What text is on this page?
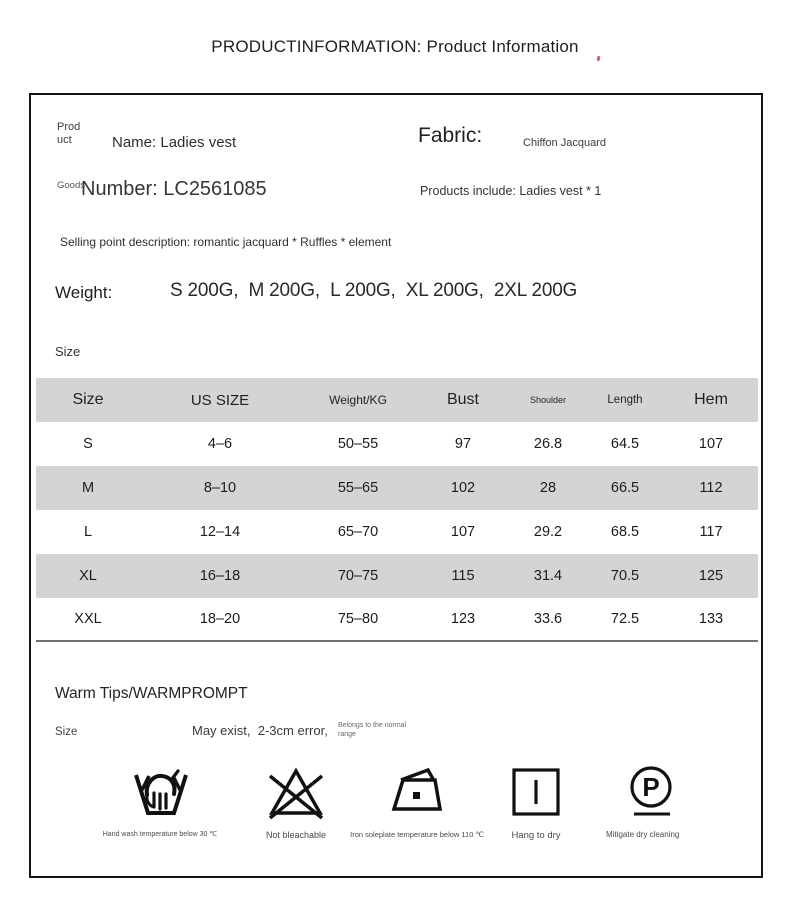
PRODUCTINFORMATION: Product Information
Product	Name: Ladies vest	Fabric:	Chiffon Jacquard
Goods
Number: LC2561085	Products include: Ladies vest * 1
Selling point description: romantic jacquard * Ruffles * element
Weight:	S 200G,  M 200G,  L 200G,  XL 200G,  2XL 200G
Size
Size	US SIZE	Weight/KG	Bust	Shoulder	Length	Hem
S	4–6	50–55	97	26.8	64.5	107
M	8–10	55–65	102	28	66.5	112
L	12–14	65–70	107	29.2	68.5	117
XL	16–18	70–75	115	31.4	70.5	125
XXL	18–20	75–80	123	33.6	72.5	133
Warm Tips/WARMPROMPT
Size	May exist,  2-3cm error, Belongs to the normal range
Hand wash temperature below 30 ℃	Not bleachable	Iron soleplate temperature below 110 ℃	Hang to dry
P
Mitigate dry cleaning
